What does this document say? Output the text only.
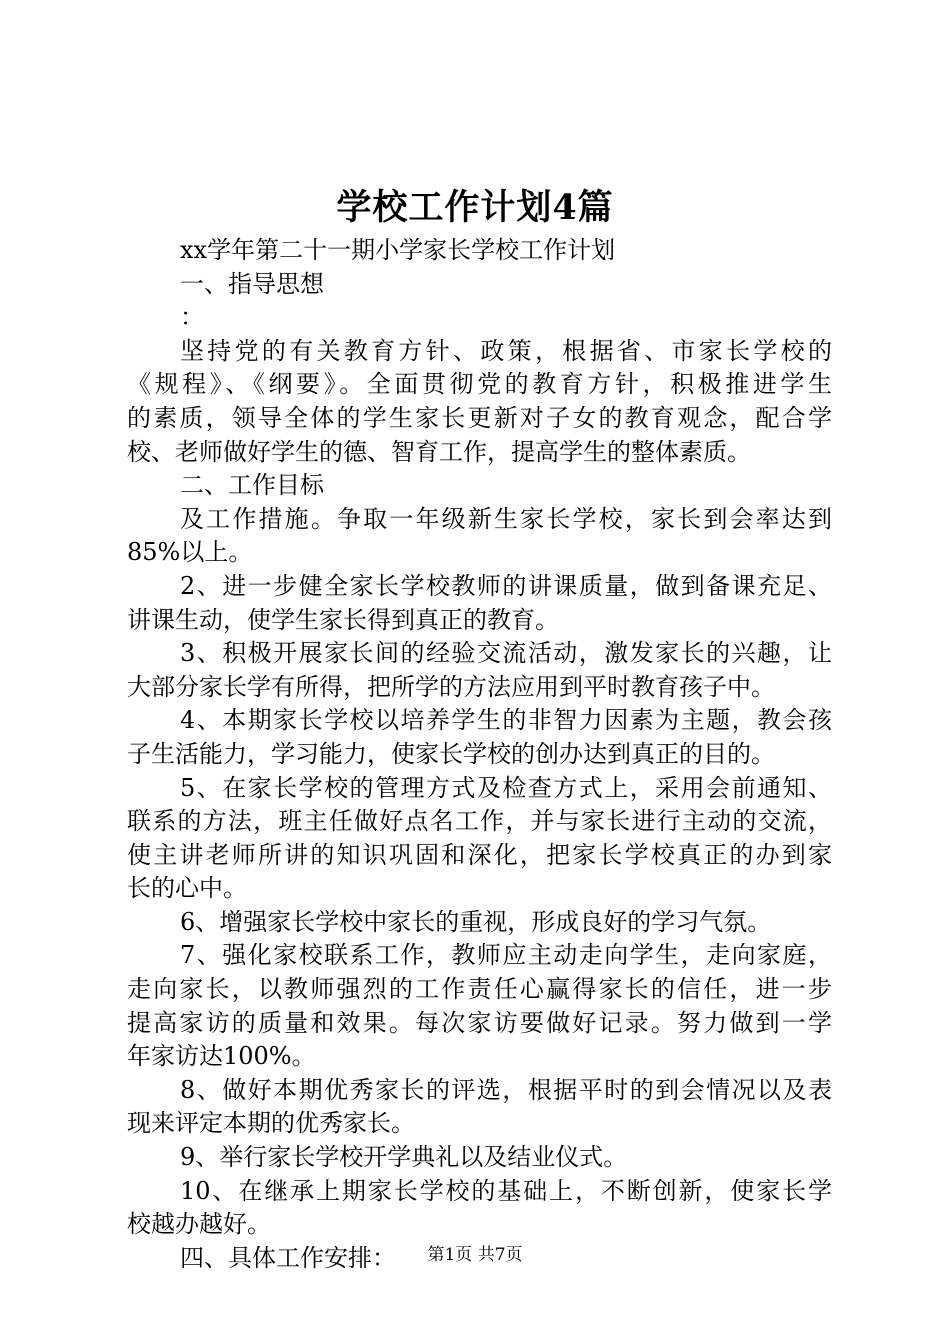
学校工作计划4篇
xx学年第二十一期小学家长学校工作计划
一、指导思想
：
坚持党的有关教育方针、政策，根据省、市家长学校的
《规程》、《纲要》。全面贯彻党的教育方针，积极推进学生
的素质，领导全体的学生家长更新对子女的教育观念，配合学
校、老师做好学生的德、智育工作，提高学生的整体素质。
二、工作目标
及工作措施。争取一年级新生家长学校，家长到会率达到
85%以上。
2、进一步健全家长学校教师的讲课质量，做到备课充足、
讲课生动，使学生家长得到真正的教育。
3、积极开展家长间的经验交流活动，激发家长的兴趣，让
大部分家长学有所得，把所学的方法应用到平时教育孩子中。
4、本期家长学校以培养学生的非智力因素为主题，教会孩
子生活能力，学习能力，使家长学校的创办达到真正的目的。
5、在家长学校的管理方式及检查方式上，采用会前通知、
联系的方法，班主任做好点名工作，并与家长进行主动的交流，
使主讲老师所讲的知识巩固和深化，把家长学校真正的办到家
长的心中。
6、增强家长学校中家长的重视，形成良好的学习气氛。
7、强化家校联系工作，教师应主动走向学生，走向家庭，
走向家长，以教师强烈的工作责任心赢得家长的信任，进一步
提高家访的质量和效果。每次家访要做好记录。努力做到一学
年家访达100%。
8、做好本期优秀家长的评选，根据平时的到会情况以及表
现来评定本期的优秀家长。
9、举行家长学校开学典礼以及结业仪式。
10、在继承上期家长学校的基础上，不断创新，使家长学
校越办越好。
四、具体工作安排：	第1页 共7页
